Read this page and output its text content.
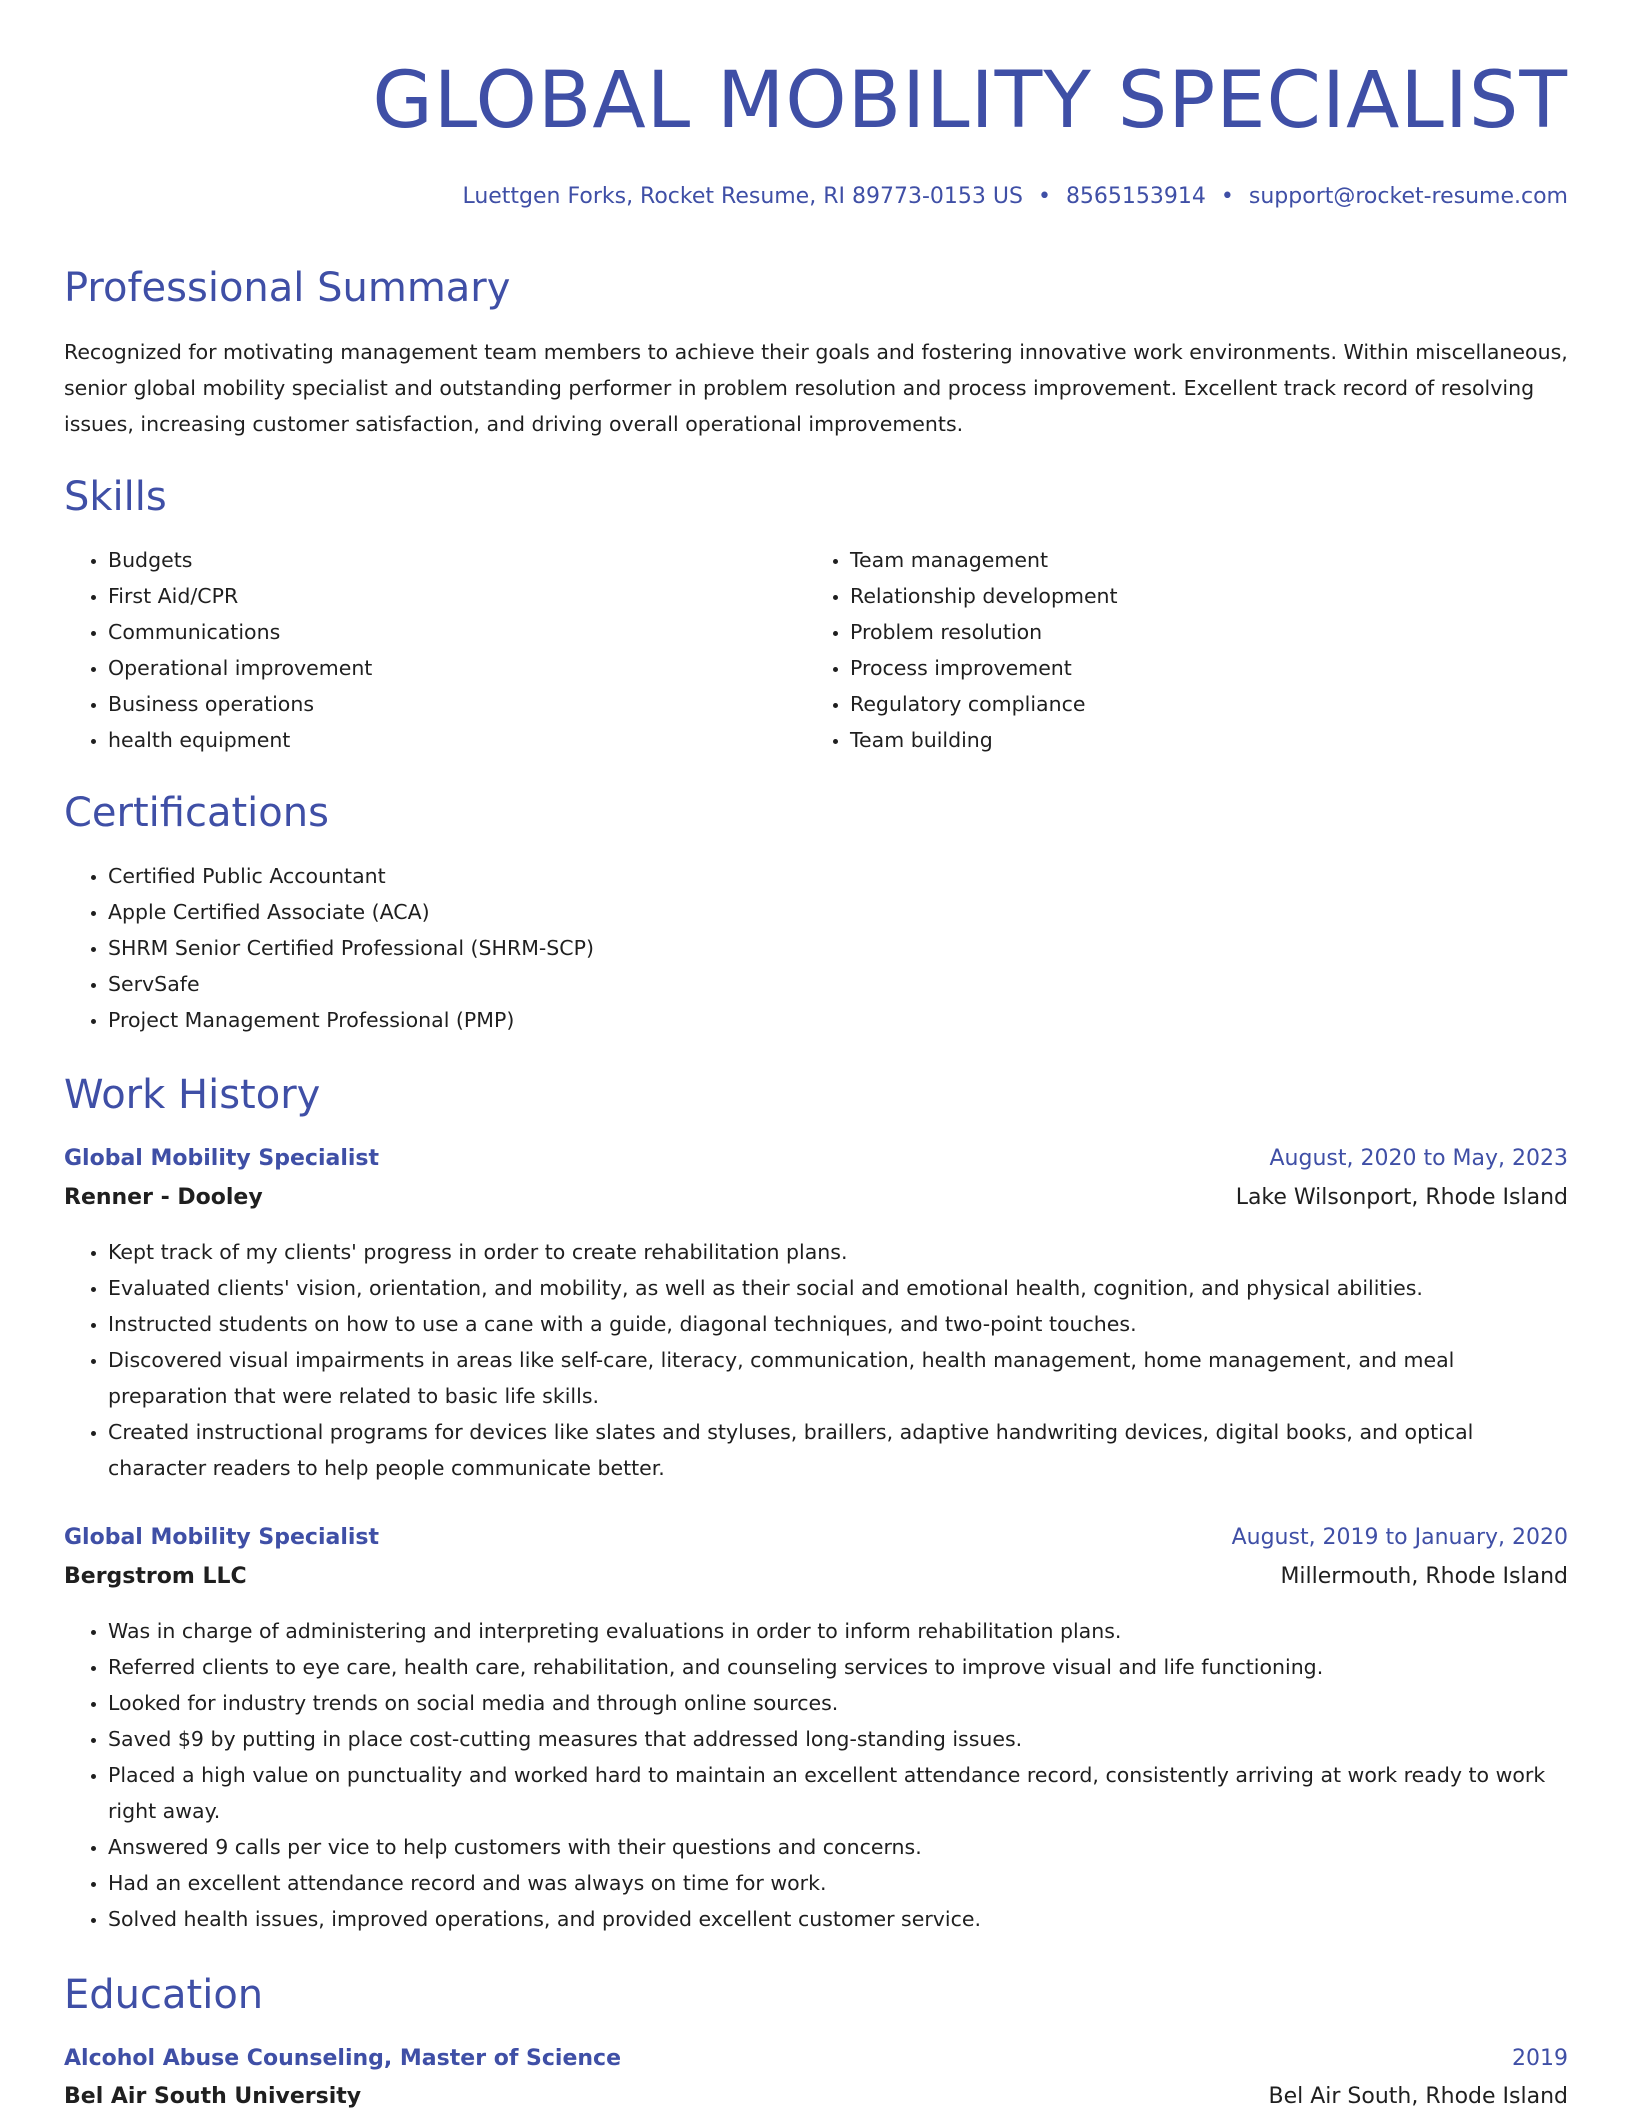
GLOBAL MOBILITY SPECIALIST
Luettgen Forks, Rocket Resume, RI 89773-0153 US • 8565153914 • support@rocket-resume.com
Professional Summary

Recognized for motivating management team members to achieve their goals and fostering innovative work environments. Within miscellaneous, senior global mobility specialist and outstanding performer in problem resolution and process improvement. Excellent track record of resolving issues, increasing customer satisfaction, and driving overall operational improvements.

Skills
• Budgets
• First Aid/CPR
• Communications
• Operational improvement
• Business operations
• health equipment
• Team management
• Relationship development
• Problem resolution
• Process improvement
• Regulatory compliance
• Team building
Certifications
• Certified Public Accountant
• Apple Certified Associate (ACA)
• SHRM Senior Certified Professional (SHRM-SCP)
• ServSafe
• Project Management Professional (PMP)
Work History
Global Mobility Specialist	August, 2020 to May, 2023
Renner - Dooley	Lake Wilsonport, Rhode Island
• Kept track of my clients' progress in order to create rehabilitation plans.
• Evaluated clients' vision, orientation, and mobility, as well as their social and emotional health, cognition, and physical abilities.
• Instructed students on how to use a cane with a guide, diagonal techniques, and two-point touches.
• Discovered visual impairments in areas like self-care, literacy, communication, health management, home management, and meal preparation that were related to basic life skills.
• Created instructional programs for devices like slates and styluses, braillers, adaptive handwriting devices, digital books, and optical character readers to help people communicate better.
Global Mobility Specialist	August, 2019 to January, 2020
Bergstrom LLC	Millermouth, Rhode Island
• Was in charge of administering and interpreting evaluations in order to inform rehabilitation plans.
• Referred clients to eye care, health care, rehabilitation, and counseling services to improve visual and life functioning.
• Looked for industry trends on social media and through online sources.
• Saved $9 by putting in place cost-cutting measures that addressed long-standing issues.
• Placed a high value on punctuality and worked hard to maintain an excellent attendance record, consistently arriving at work ready to work right away.
• Answered 9 calls per vice to help customers with their questions and concerns.
• Had an excellent attendance record and was always on time for work.
• Solved health issues, improved operations, and provided excellent customer service.
Education
Alcohol Abuse Counseling, Master of Science	2019
Bel Air South University	Bel Air South, Rhode Island
